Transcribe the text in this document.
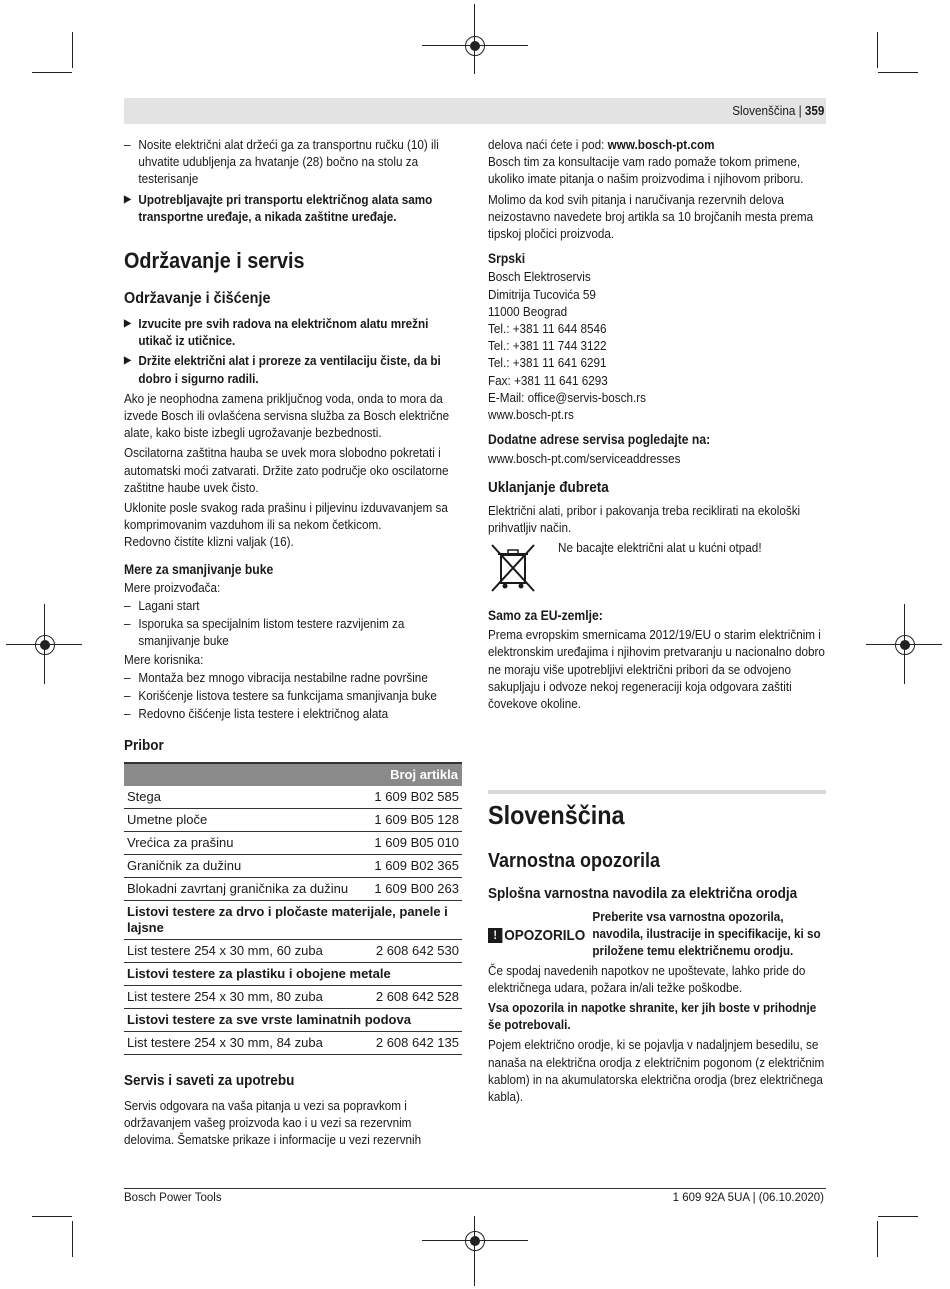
Slovenščina | 359

– Nosite električni alat držeći ga za transportnu ručku (10) ili uhvatite udubljenja za hvatanje (28) bočno na stolu za testerisanje

▶ Upotrebljavajte pri transportu električnog alata samo transportne uređaje, a nikada zaštitne uređaje.

Održavanje i servis
Održavanje i čišćenje

▶ Izvucite pre svih radova na električnom alatu mrežni utikač iz utičnice.

▶ Držite električni alat i proreze za ventilaciju čiste, da bi dobro i sigurno radili.

Ako je neophodna zamena priključnog voda, onda to mora da izvede Bosch ili ovlašćena servisna služba za Bosch električne alate, kako biste izbegli ugrožavanje bezbednosti.

Oscilatorna zaštitna hauba se uvek mora slobodno pokretati i automatski moći zatvarati. Držite zato područje oko oscilatorne zaštitne haube uvek čisto.

Uklonite posle svakog rada prašinu i piljevinu izduvavanjem sa komprimovanim vazduhom ili sa nekom četkicom.

Redovno čistite klizni valjak (16).

Mere za smanjivanje buke

Mere proizvođača:

– Lagani start

– Isporuka sa specijalnim listom testere razvijenim za smanjivanje buke

Mere korisnika:

– Montaža bez mnogo vibracija nestabilne radne površine

– Korišćenje listova testere sa funkcijama smanjivanja buke

– Redovno čišćenje lista testere i električnog alata

Pribor
Broj artikla	
Stega	1 609 B02 585
Umetne ploče	1 609 B05 128
Vrećica za prašinu	1 609 B05 010
Graničnik za dužinu	1 609 B02 365
Blokadni zavrtanj graničnika za dužinu	1 609 B00 263
Listovi testere za drvo i pločaste materijale, panele i lajsne	
List testere 254 x 30 mm, 60 zuba	2 608 642 530
Listovi testere za plastiku i obojene metale	
List testere 254 x 30 mm, 80 zuba	2 608 642 528
Listovi testere za sve vrste laminatnih podova	
List testere 254 x 30 mm, 84 zuba	2 608 642 135
Servis i saveti za upotrebu

Servis odgovara na vaša pitanja u vezi sa popravkom i održavanjem vašeg proizvoda kao i u vezi sa rezervnim delovima. Šematske prikaze i informacije u vezi rezervnih

delova naći ćete i pod: www.bosch-pt.com

Bosch tim za konsultacije vam rado pomaže tokom primene, ukoliko imate pitanja o našim proizvodima i njihovom priboru.

Molimo da kod svih pitanja i naručivanja rezervnih delova neizostavno navedete broj artikla sa 10 brojčanih mesta prema tipskoj pločici proizvoda.

Srpski

Bosch Elektroservis
Dimitrija Tucovića 59
11000 Beograd
Tel.: +381 11 644 8546
Tel.: +381 11 744 3122
Tel.: +381 11 641 6291
Fax: +381 11 641 6293
E-Mail: office@servis-bosch.rs
www.bosch-pt.rs

Dodatne adrese servisa pogledajte na:

www.bosch-pt.com/serviceaddresses

Uklanjanje đubreta

Električni alati, pribor i pakovanja treba reciklirati na ekološki prihvatljiv način.

Ne bacajte električni alat u kućni otpad!

Samo za EU-zemlje:

Prema evropskim smernicama 2012/19/EU o starim električnim i elektronskim uređajima i njihovim pretvaranju u nacionalno dobro ne moraju više upotrebljivi električni pribori da se odvojeno sakupljaju i odvoze nekoj regeneraciji koja odgovara zaštiti čovekove okoline.

Slovenščina
Varnostna opozorila
Splošna varnostna navodila za električna orodja
! OPOZORILO

Preberite vsa varnostna opozorila, navodila, ilustracije in specifikacije, ki so priložene temu električnemu orodju.

Če spodaj navedenih napotkov ne upoštevate, lahko pride do električnega udara, požara in/ali težke poškodbe.

Vsa opozorila in napotke shranite, ker jih boste v prihodnje še potrebovali.

Pojem električno orodje, ki se pojavlja v nadaljnjem besedilu, se nanaša na električna orodja z električnim pogonom (z električnim kablom) in na akumulatorska električna orodja (brez električnega kabla).

Bosch Power Tools	1 609 92A 5UA | (06.10.2020)
